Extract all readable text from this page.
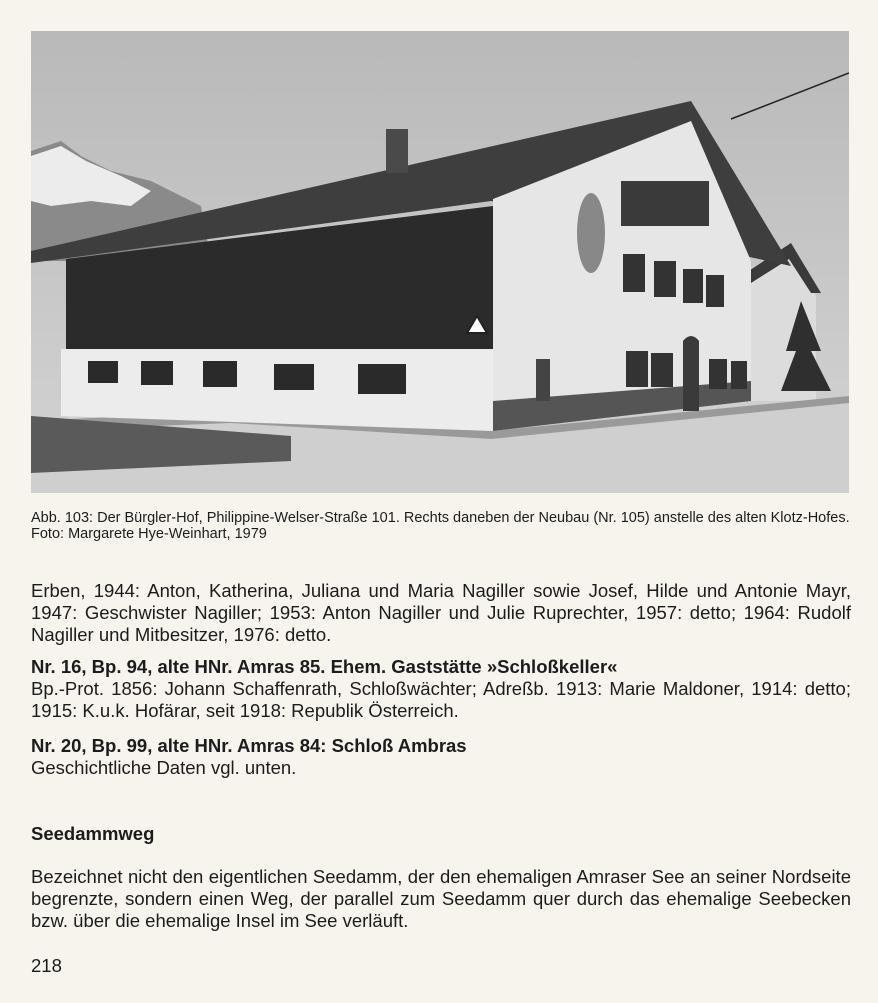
Abb. 103: Der Bürgler-Hof, Philippine-Welser-Straße 101. Rechts daneben der Neubau (Nr. 105) anstelle des alten Klotz-Hofes.
Foto: Margarete Hye-Weinhart, 1979
Erben, 1944: Anton, Katherina, Juliana und Maria Nagiller sowie Josef, Hilde und Antonie Mayr, 1947: Geschwister Nagiller; 1953: Anton Nagiller und Julie Ruprechter, 1957: detto; 1964: Rudolf Nagiller und Mitbesitzer, 1976: detto.
Nr. 16, Bp. 94, alte HNr. Amras 85. Ehem. Gaststätte »Schloßkeller«
Bp.-Prot. 1856: Johann Schaffenrath, Schloßwächter; Adreßb. 1913: Marie Maldoner, 1914: detto; 1915: K.u.k. Hofärar, seit 1918: Republik Österreich.
Nr. 20, Bp. 99, alte HNr. Amras 84: Schloß Ambras
Geschichtliche Daten vgl. unten.
Seedammweg
Bezeichnet nicht den eigentlichen Seedamm, der den ehemaligen Amraser See an seiner Nordseite begrenzte, sondern einen Weg, der parallel zum Seedamm quer durch das ehemalige Seebecken bzw. über die ehemalige Insel im See verläuft.
218
